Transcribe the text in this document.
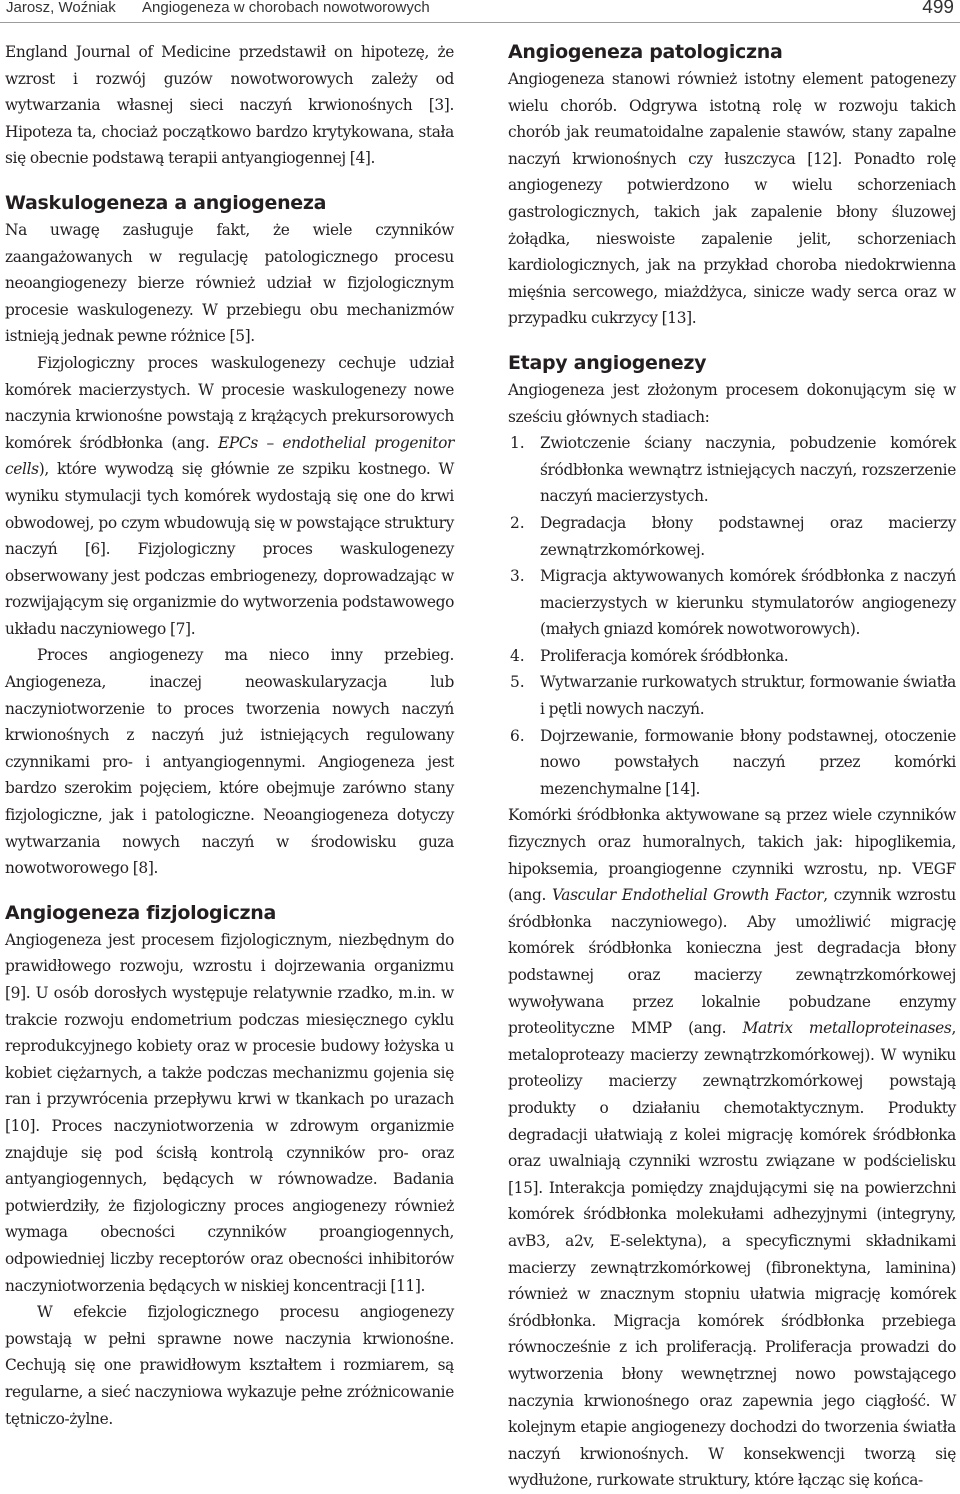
Jarosz, Woźniak Angiogeneza w chorobach nowotworowych	499

England Journal of Medicine przedstawił on hipotezę, że wzrost i rozwój guzów nowotworowych zależy od wytwarzania własnej sieci naczyń krwionośnych [3]. Hipoteza ta, chociaż początkowo bardzo krytykowana, stała się obecnie podstawą terapii antyangiogennej [4].

Waskulogeneza a angiogeneza

Na uwagę zasługuje fakt, że wiele czynników zaangażowanych w regulację patologicznego procesu neoangiogenezy bierze również udział w fizjologicznym procesie waskulogenezy. W przebiegu obu mechanizmów istnieją jednak pewne różnice [5].

Fizjologiczny proces waskulogenezy cechuje udział komórek macierzystych. W procesie waskulogenezy nowe naczynia krwionośne powstają z krążących prekursorowych komórek śródbłonka (ang. EPCs – endothelial progenitor cells), które wywodzą się głównie ze szpiku kostnego. W wyniku stymulacji tych komórek wydostają się one do krwi obwodowej, po czym wbudowują się w powstające struktury naczyń [6]. Fizjologiczny proces waskulogenezy obserwowany jest podczas embriogenezy, doprowadzając w rozwijającym się organizmie do wytworzenia podstawowego układu naczyniowego [7].

Proces angiogenezy ma nieco inny przebieg. Angiogeneza, inaczej neowaskularyzacja lub naczyniotworzenie to proces tworzenia nowych naczyń krwionośnych z naczyń już istniejących regulowany czynnikami pro- i antyangiogennymi. Angiogeneza jest bardzo szerokim pojęciem, które obejmuje zarówno stany fizjologiczne, jak i patologiczne. Neoangiogeneza dotyczy wytwarzania nowych naczyń w środowisku guza nowotworowego [8].

Angiogeneza fizjologiczna

Angiogeneza jest procesem fizjologicznym, niezbędnym do prawidłowego rozwoju, wzrostu i dojrzewania organizmu [9]. U osób dorosłych występuje relatywnie rzadko, m.in. w trakcie rozwoju endometrium podczas miesięcznego cyklu reprodukcyjnego kobiety oraz w procesie budowy łożyska u kobiet ciężarnych, a także podczas mechanizmu gojenia się ran i przywrócenia przepływu krwi w tkankach po urazach [10]. Proces naczyniotworzenia w zdrowym organizmie znajduje się pod ścisłą kontrolą czynników pro- oraz antyangiogennych, będących w równowadze. Badania potwierdziły, że fizjologiczny proces angiogenezy również wymaga obecności czynników proangiogennych, odpowiedniej liczby receptorów oraz obecności inhibitorów naczyniotworzenia będących w niskiej koncentracji [11].

W efekcie fizjologicznego procesu angiogenezy powstają w pełni sprawne nowe naczynia krwionośne. Cechują się one prawidłowym kształtem i rozmiarem, są regularne, a sieć naczyniowa wykazuje pełne zróżnicowanie tętniczo-żylne.

Angiogeneza patologiczna

Angiogeneza stanowi również istotny element patogenezy wielu chorób. Odgrywa istotną rolę w rozwoju takich chorób jak reumatoidalne zapalenie stawów, stany zapalne naczyń krwionośnych czy łuszczyca [12]. Ponadto rolę angiogenezy potwierdzono w wielu schorzeniach gastrologicznych, takich jak zapalenie błony śluzowej żołądka, nieswoiste zapalenie jelit, schorzeniach kardiologicznych, jak na przykład choroba niedokrwienna mięśnia sercowego, miażdżyca, sinicze wady serca oraz w przypadku cukrzycy [13].

Etapy angiogenezy

Angiogeneza jest złożonym procesem dokonującym się w sześciu głównych stadiach:

1. Zwiotczenie ściany naczynia, pobudzenie komórek śródbłonka wewnątrz istniejących naczyń, rozszerzenie naczyń macierzystych.

2. Degradacja błony podstawnej oraz macierzy zewnątrzkomórkowej.

3. Migracja aktywowanych komórek śródbłonka z naczyń macierzystych w kierunku stymulatorów angiogenezy (małych gniazd komórek nowotworowych).

4. Proliferacja komórek śródbłonka.

5. Wytwarzanie rurkowatych struktur, formowanie światła i pętli nowych naczyń.

6. Dojrzewanie, formowanie błony podstawnej, otoczenie nowo powstałych naczyń przez komórki mezenchymalne [14].

Komórki śródbłonka aktywowane są przez wiele czynników fizycznych oraz humoralnych, takich jak: hipoglikemia, hipoksemia, proangiogenne czynniki wzrostu, np. VEGF (ang. Vascular Endothelial Growth Factor, czynnik wzrostu śródbłonka naczyniowego). Aby umożliwić migrację komórek śródbłonka konieczna jest degradacja błony podstawnej oraz macierzy zewnątrzkomórkowej wywoływana przez lokalnie pobudzane enzymy proteolityczne MMP (ang. Matrix metalloproteinases, metaloproteazy macierzy zewnątrzkomórkowej). W wyniku proteolizy macierzy zewnątrzkomórkowej powstają produkty o działaniu chemotaktycznym. Produkty degradacji ułatwiają z kolei migrację komórek śródbłonka oraz uwalniają czynniki wzrostu związane w podścielisku [15]. Interakcja pomiędzy znajdującymi się na powierzchni komórek śródbłonka molekułami adhezyjnymi (integryny, avB3, a2v, E-selektyna), a specyficznymi składnikami macierzy zewnątrzkomórkowej (fibronektyna, laminina) również w znacznym stopniu ułatwia migrację komórek śródbłonka. Migracja komórek śródbłonka przebiega równocześnie z ich proliferacją. Proliferacja prowadzi do wytworzenia błony wewnętrznej nowo powstającego naczynia krwionośnego oraz zapewnia jego ciągłość. W kolejnym etapie angiogenezy dochodzi do tworzenia światła naczyń krwionośnych. W konsekwencji tworzą się wydłużone, rurkowate struktury, które łącząc się końca-
